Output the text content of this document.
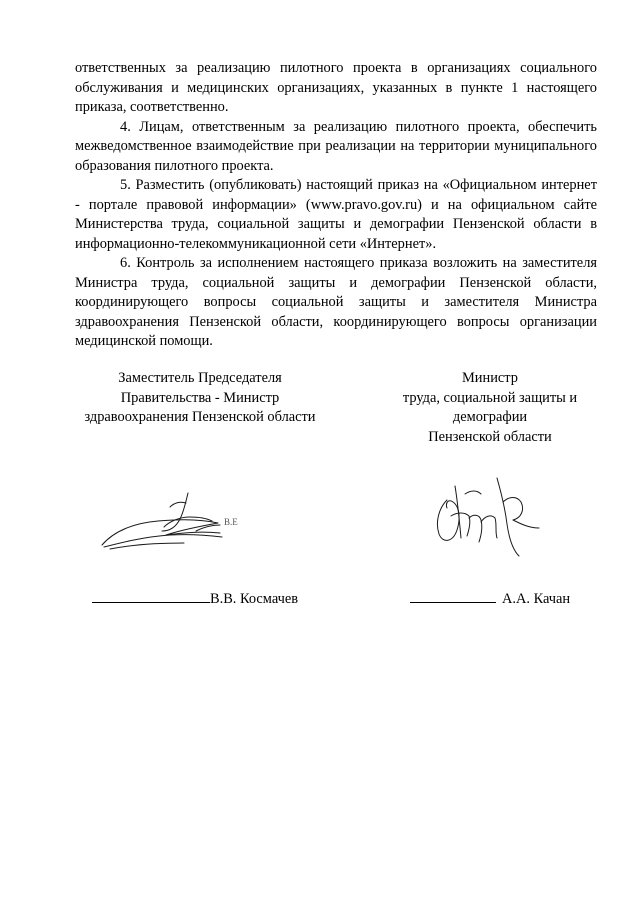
ответственных за реализацию пилотного проекта в организациях социального обслуживания и медицинских организациях, указанных в пункте 1 настоящего приказа, соответственно.

4. Лицам, ответственным за реализацию пилотного проекта, обеспечить межведомственное взаимодействие при реализации на территории муниципального образования пилотного проекта.

5. Разместить (опубликовать) настоящий приказ на «Официальном интернет - портале правовой информации» (www.pravo.gov.ru) и на официальном сайте Министерства труда, социальной защиты и демографии Пензенской области в информационно-телекоммуникационной сети «Интернет».

6. Контроль за исполнением настоящего приказа возложить на заместителя Министра труда, социальной защиты и демографии Пензенской области, координирующего вопросы социальной защиты и заместителя Министра здравоохранения Пензенской области, координирующего вопросы организации медицинской помощи.

Заместитель Председателя
Правительства - Министр
здравоохранения Пензенской области
Министр
труда, социальной защиты и
демографии
Пензенской области
В.Е
В.В. Космачев	А.А. Качан
